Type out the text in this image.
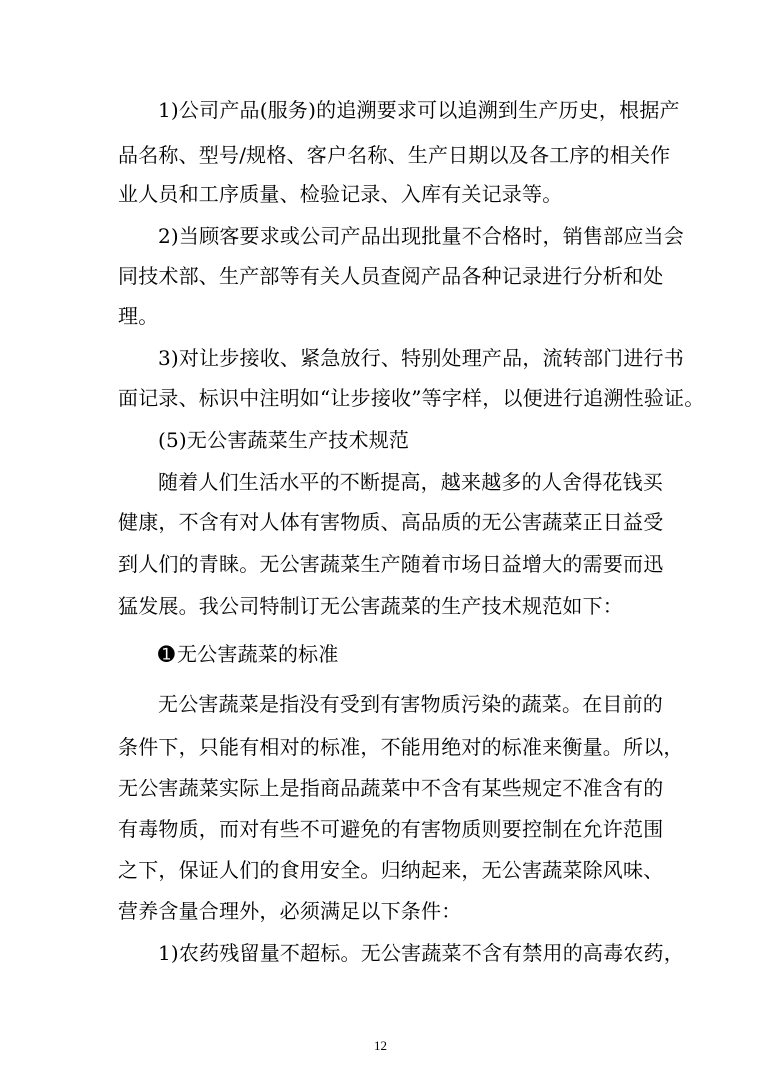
1)公司产品(服务)的追溯要求可以追溯到生产历史，根据产
品名称、型号/规格、客户名称、生产日期以及各工序的相关作
业人员和工序质量、检验记录、入库有关记录等。
2)当顾客要求或公司产品出现批量不合格时，销售部应当会
同技术部、生产部等有关人员查阅产品各种记录进行分析和处
理。
3)对让步接收、紧急放行、特别处理产品，流转部门进行书
面记录、标识中注明如“让步接收”等字样，以便进行追溯性验证。
(5)无公害蔬菜生产技术规范
随着人们生活水平的不断提高，越来越多的人舍得花钱买
健康，不含有对人体有害物质、高品质的无公害蔬菜正日益受
到人们的青睐。无公害蔬菜生产随着市场日益增大的需要而迅
猛发展。我公司特制订无公害蔬菜的生产技术规范如下：
➊ 无公害蔬菜的标准
无公害蔬菜是指没有受到有害物质污染的蔬菜。在目前的
条件下，只能有相对的标准，不能用绝对的标准来衡量。所以，
无公害蔬菜实际上是指商品蔬菜中不含有某些规定不准含有的
有毒物质，而对有些不可避免的有害物质则要控制在允许范围
之下，保证人们的食用安全。归纳起来，无公害蔬菜除风味、
营养含量合理外，必须满足以下条件：
1)农药残留量不超标。无公害蔬菜不含有禁用的高毒农药，
12
